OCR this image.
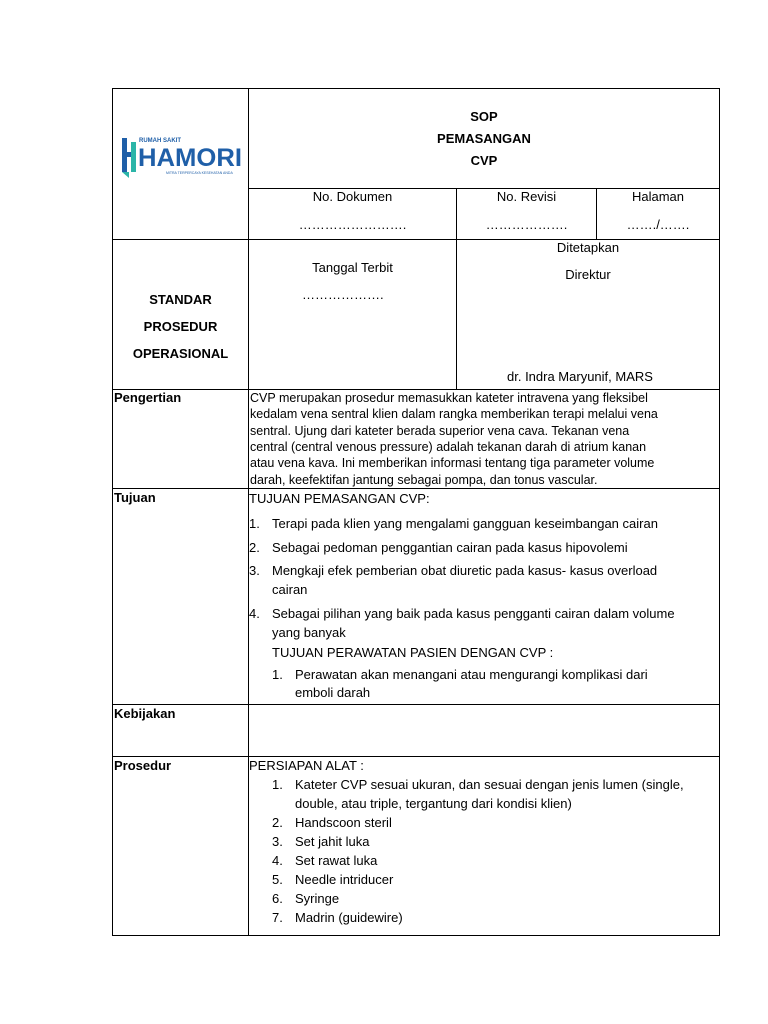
RUMAH SAKIT
HAMORI
MITRA TERPERCAYA KESEHATAN ANDA
No. Dokumen
…………………….
No. Revisi
……………….
Halaman
……./…….
Tanggal Terbit
……………….
Ditetapkan
Direktur
dr. Indra Maryunif, MARS
Pengertian
Tujuan
Kebijakan
Prosedur
SOP
PEMASANGAN
CVP
STANDAR
PROSEDUR
OPERASIONAL
CVP merupakan prosedur memasukkan kateter intravena yang fleksibel
kedalam vena sentral klien dalam rangka memberikan terapi melalui vena
sentral. Ujung dari kateter berada superior vena cava. Tekanan vena
central (central venous pressure) adalah tekanan darah di atrium kanan
atau vena kava. Ini memberikan informasi tentang tiga parameter volume
darah, keefektifan jantung sebagai pompa, dan tonus vascular.
TUJUAN PEMASANGAN CVP:
1. Terapi pada klien yang mengalami gangguan keseimbangan cairan
2. Sebagai pedoman penggantian cairan pada kasus hipovolemi
3. Mengkaji efek pemberian obat diuretic pada kasus- kasus overload
cairan
4. Sebagai pilihan yang baik pada kasus pengganti cairan dalam volume
yang banyak
TUJUAN PERAWATAN PASIEN DENGAN CVP :
1. Perawatan akan menangani atau mengurangi komplikasi dari
emboli darah
PERSIAPAN ALAT :
1. Kateter CVP sesuai ukuran, dan sesuai dengan jenis lumen (single,
double, atau triple, tergantung dari kondisi klien)
2. Handscoon steril
3. Set jahit luka
4. Set rawat luka
5. Needle intriducer
6. Syringe
7. Madrin (guidewire)
